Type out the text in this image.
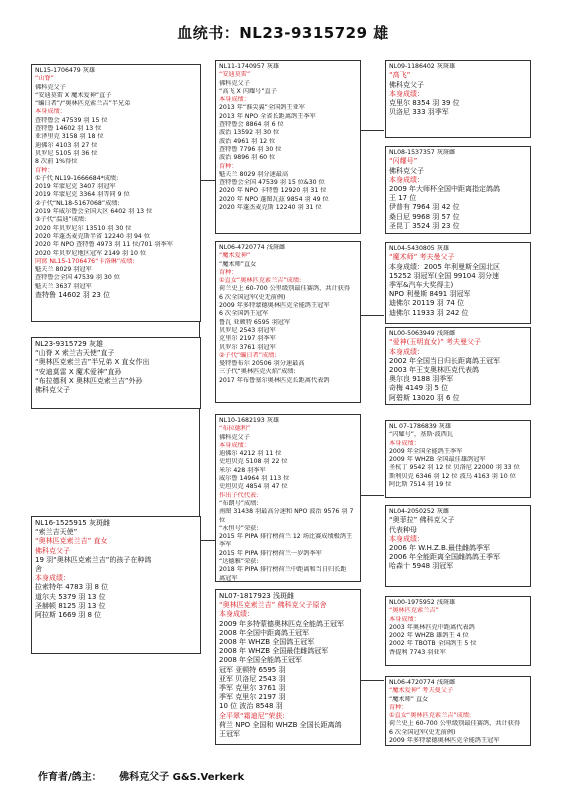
血统书：NL23-9315729 雄
NL15-1706479 灰雄
“山脊”
佛科克父子
“安迪莫雷 X 魔术爱神”直子
“蝙日者”/“奥林匹克索兰吉”半兄弟
本身成绩：
查特鲁会 47539 羽 15 位
查特鲁 14602 羽 13 位
亚泽里克 3158 羽 18 位
迪佛尔 4103 羽 27 位
贝罗尼 5105 羽 36 位
8 次前 1%得位
育种：
①子代 NL19-1666684*成绩:
2019 年蒙尼克 3407 羽冠军
2019 年蒙尼克 3364 羽等同 9 位
②子代“NL18-5167068”成绩:
2019 年威尔鲁会全国大区 6402 羽 13 位
③子代“温迪”成绩:
2020 年贝罗尼尔 13510 羽 30 位
2020 年蓬杰麦克斯半省 12240 羽 94 位
2020 年 NPO 查特鲁 4973 羽 11 位/701 羽季军
2020 年贝罗尼地区冠军 2149 羽 10 位
同窝 NL15-1706476“卡洛琳”成绩:
魁夫兰 8029 羽冠军
查特鲁会全国 47539 羽 30 位
魁夫兰 3637 羽冠军
查特鲁 14602 羽 23 位
NL23-9315729 灰雄
“山脊 X 索兰吉天使”直子
“奥林匹克索兰吉”半兄弟 X 直女作出
“安迪莫雷 X 魔术爱神”直孙
“布拉德利 X 奥林匹克索兰吉”外孙
佛科克父子
NL16-1525915 灰斑雌
“索兰吉天使”
“奥林匹克索兰吉” 直女
佛科克父子
19 羽“奥林匹克索兰吉”的孩子在种鸽
舍
本身成绩：
拉索特年 4783 羽 8 位
道尔夫 5379 羽 13 位
圣赫顿 8125 羽 13 位
阿拉斯 1669 羽 8 位
NL11-1740957 灰雄
“安迪莫雷”
佛科克父子
“高飞 X 闪耀号”直子
本身成绩：
2013 年“淮尖翼”全国鸽王亚军
2013 年 NPO 全省长距离鸽王季军
查特鲁会 8864 羽 6 位
波治 13592 羽 30 位
波治 4961 羽 12 位
查特鲁 7796 羽 30 位
波治 9896 羽 60 位
育种：
魁夫兰 8029 羽分速最高
查特鲁会全国 47539 羽 15 位&30 位
2020 年 NPO 卡特鲁 12920 羽 31 位
2020 年 NPO 蓬图瓦兹 9854 羽 49 位
2020 年蓬杰麦克斯 12240 羽 31 位
NL06-4720774 浅斑雌
“魔术爱神”
“魔术师”直女
育种：
①直女“奥林匹克索兰吉”成绩:
荷兰史上 60-700 公里级别最佳赛鸽，共计获得
6 次全国冠军(史无前例)
2009 年多特蒙德奥林匹克全能鸽王冠军
6 次全国鸽王冠军
鲁瓦 亚顿特 6595 羽冠军
贝罗尼 2543 羽冠军
克里尔 2197 羽季军
贝罗尔 3761 羽冠军
②子代“蝙日者”成绩:
曼特鲁布尔 20506 羽分速最高
三子代“奥林匹克火焰”成绩:
2017 年布鲁塞尔奥林匹克长距离代表鸽
NL10-1682193 灰雄
“布拉德利”
佛科克父子
本身成绩：
迪佛尔 4212 羽 11 位
史坦贝克 5108 羽 22 位
米尔 428 羽季军
威尔鲁 14964 羽 113 位
史坦贝克 4854 羽 47 位
作出子代代表:
“布朗号”成绩:
南图 31438 羽最高分速和 NPO 波治 9576 羽 7
位
“永恒号”荣获:
2015 年 PIPA 排行榜荷兰 12 场比赛成绩极鸽王
季军
2015 年 PIPA 排行榜荷兰一岁鸽季军
“达德雅”荣获:
2018 年 PIPA 排行榜荷兰中距离和当日归长距
离冠军
NL07-1817923 浅斑雌
“奥林匹克索兰吉” 佛科克父子原舍
本身成绩：
2009 年多特蒙德奥林匹克全能鸽王冠军
2008 年全国中距离鸽王冠军
2008 年 WHZB 全国鸽王冠军
2008 年 WHZB 全国最佳雌鸽冠军
2008 年全国全能鸽王冠军
冠军 亚顿特 6595 羽
亚军 贝洛尼 2543 羽
季军 克里尔 3761 羽
季军 克里尔 2197 羽
10 位 波治 8548 羽
全平翠“霜迪尼”荣获:
荷兰 NPO 全国和 WHZB 全国长距离鸽
王冠军
NL09-1186402 灰斑雄
“高飞”
佛科克父子
本身成绩：
克里尔 8354 羽 39 位
贝洛尼 333 羽季军
NL08-1537357 灰斑雌
“闪耀号”
佛科克父子
本身成绩：
2009 年大师杯全国中距离指定鸽鸽
王 17 位
伊普有 7964 羽 42 位
桑日尼 9968 羽 57 位
圣昆丁 3524 羽 23 位
NL04-5430805 灰雄
“魔术师” 考夫曼父子
本身成绩：2005 年利曼斯全国北区
15252 羽冠军(全国 99104 羽分速
季军&汽车大奖得主)
NPO 利曼斯 8491 羽冠军
迪佛尔 20119 羽 74 位
迪佛尔 11933 羽 242 位
NL00-5063949 浅斑雌
“爱神(玉明直女)” 考夫曼父子
本身成绩：
2002 年全国当日归长距离鸽王冠军
2003 年王支奥林匹克代表鸽
奥尔良 9188 羽季军
奇梅 4149 羽 5 位
阿碧斯 13020 羽 6 位
NL 07-1786839 灰雄
“闪耀号”，基斯·波西瓦
本身成绩：
2009 年全国全能鸽王季军
2009 年 WHZB 全国最佳雄鸽冠军
圣杭丁 9542 羽 12 位 贝洛尼 22000 羽 33 位
斯利贝克 6346 羽 12 位 波乌 4163 羽 10 位
阿比斯 7514 羽 19 位
NL04-2050252 灰雌
“奥菲拉” 佛科克父子
代表种母
本身成绩：
2006 年 W.H.Z.B.最佳雌鸽季军
2006 年全能距离全国雌鸽鸽王季军
哈森十 5948 羽冠军
NL00-1975952 浅斑雄
“奥林匹克索兰吉”
本身成绩：
2003 年奥林匹克中距离代表鸽
2002 年 WHZB 雄鸽王 4 位
2002 年 TBOTB 全国鸽王 5 位
香提利 7743 羽亚军
NL06-4720774 浅斑雌
“魔术爱神” 考夫曼父子
“魔术师” 直女
育种：
①直女“奥林匹克索兰吉”成绩:
荷兰史上 60-700 公里级别最佳赛鸽，共计获得
6 次全国冠军(史无前例)
2009 年多特蒙德奥林匹克全能鸽王冠军
作育者/鸽主： 佛科克父子 G&S.Verkerk
